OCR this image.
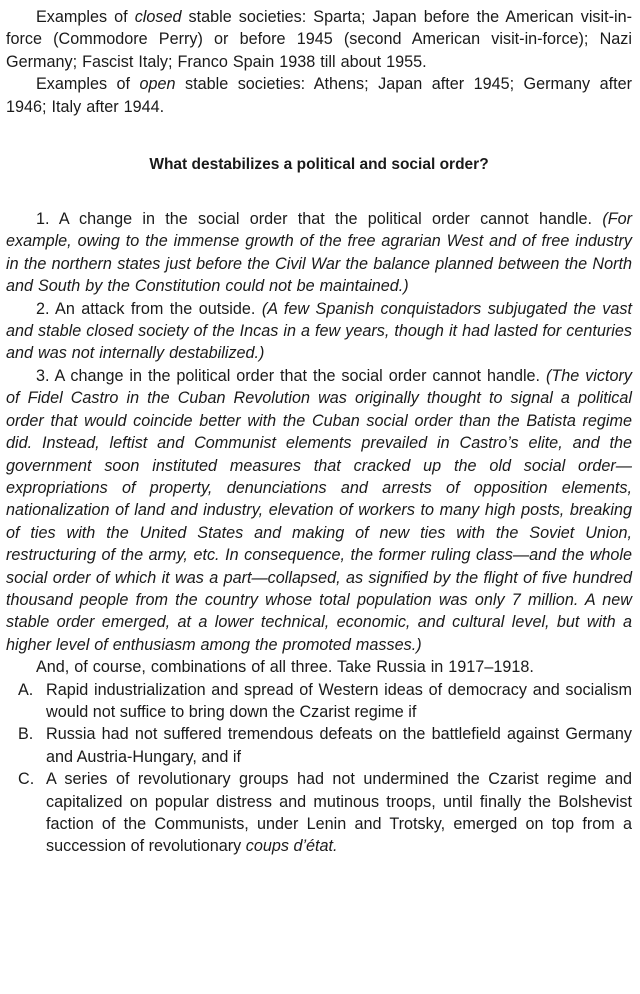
Examples of closed stable societies: Sparta; Japan before the American visit-in-force (Commodore Perry) or before 1945 (second American visit-in-force); Nazi Germany; Fascist Italy; Franco Spain 1938 till about 1955.

Examples of open stable societies: Athens; Japan after 1945; Germany after 1946; Italy after 1944.

What destabilizes a political and social order?

1. A change in the social order that the political order cannot handle. (For example, owing to the immense growth of the free agrarian West and of free industry in the northern states just before the Civil War the balance planned between the North and South by the Constitution could not be maintained.)

2. An attack from the outside. (A few Spanish conquistadors subjugated the vast and stable closed society of the Incas in a few years, though it had lasted for centuries and was not internally destabilized.)

3. A change in the political order that the social order cannot handle. (The victory of Fidel Castro in the Cuban Revolution was originally thought to signal a political order that would coincide better with the Cuban social order than the Batista regime did. Instead, leftist and Communist elements prevailed in Castro’s elite, and the government soon instituted measures that cracked up the old social order—expropriations of property, denunciations and arrests of opposition elements, nationalization of land and industry, elevation of workers to many high posts, breaking of ties with the United States and making of new ties with the Soviet Union, restructuring of the army, etc. In consequence, the former ruling class—and the whole social order of which it was a part—collapsed, as signified by the flight of five hundred thousand people from the country whose total population was only 7 million. A new stable order emerged, at a lower technical, economic, and cultural level, but with a higher level of enthusiasm among the promoted masses.)

And, of course, combinations of all three. Take Russia in 1917–1918.

A. Rapid industrialization and spread of Western ideas of democracy and socialism would not suffice to bring down the Czarist regime if
B. Russia had not suffered tremendous defeats on the battlefield against Germany and Austria-Hungary, and if
C. A series of revolutionary groups had not undermined the Czarist regime and capitalized on popular distress and mutinous troops, until finally the Bolshevist faction of the Communists, under Lenin and Trotsky, emerged on top from a succession of revolutionary coups d’état.
